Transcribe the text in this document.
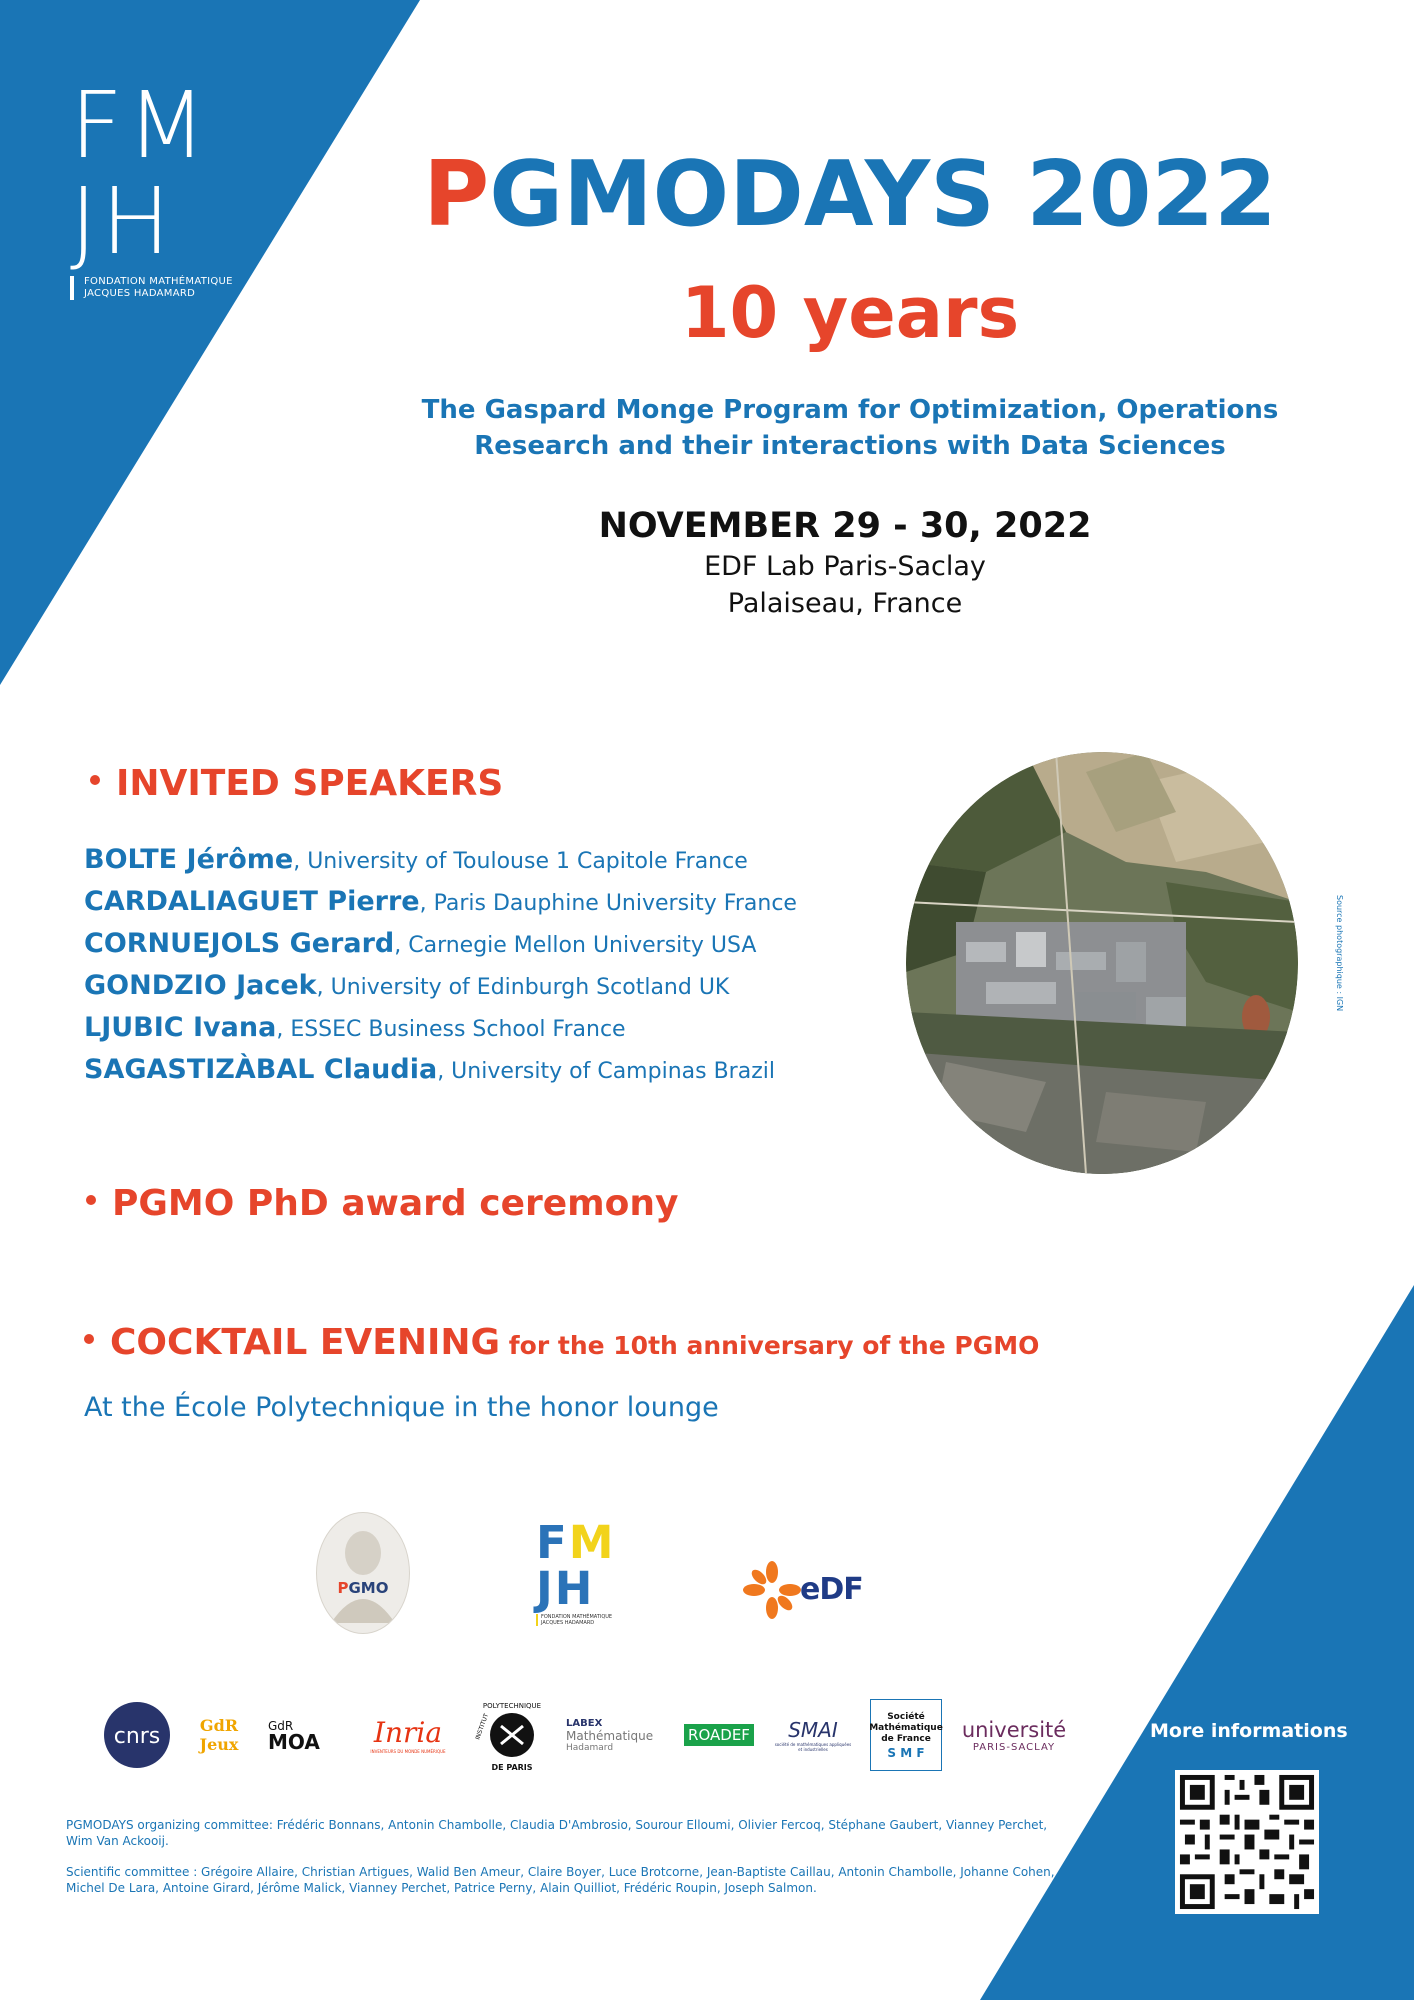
FM
JH
FONDATION MATHÉMATIQUE
JACQUES HADAMARD
PGMODAYS 2022
10 years
The Gaspard Monge Program for Optimization, Operations
Research and their interactions with Data Sciences
NOVEMBER 29 - 30, 2022
EDF Lab Paris-Saclay
Palaiseau, France
INVITED SPEAKERS
BOLTE Jérôme, University of Toulouse 1 Capitole France
CARDALIAGUET Pierre, Paris Dauphine University France
CORNUEJOLS Gerard, Carnegie Mellon University USA
GONDZIO Jacek, University of Edinburgh Scotland UK
LJUBIC Ivana, ESSEC Business School France
SAGASTIZÀBAL Claudia, University of Campinas Brazil
Source photographique : IGN
PGMO PhD award ceremony
COCKTAIL EVENING for the 10th anniversary of the PGMO
At the École Polytechnique in the honor lounge
PGMO
FM
JH
FONDATION MATHÉMATIQUE JACQUES HADAMARD
eDF
cnrs GdR
Jeux
GdR
MOA Inria
INVENTEURS DU MONDE NUMÉRIQUE
POLYTECHNIQUE
DE PARIS
INSTITUT	LABEX
Mathématique
Hadamard
ROADEF SMAI
société de mathématiques appliquées et industrielles
Société
Mathématique
de France
S M F
université
PARIS-SACLAY
More informations
PGMODAYS organizing committee: Frédéric Bonnans, Antonin Chambolle, Claudia D'Ambrosio, Sourour Elloumi, Olivier Fercoq, Stéphane Gaubert, Vianney Perchet, Wim Van Ackooij.
Scientific committee : Grégoire Allaire, Christian Artigues, Walid Ben Ameur, Claire Boyer, Luce Brotcorne, Jean-Baptiste Caillau, Antonin Chambolle, Johanne Cohen, Michel De Lara, Antoine Girard, Jérôme Malick, Vianney Perchet, Patrice Perny, Alain Quilliot, Frédéric Roupin, Joseph Salmon.
